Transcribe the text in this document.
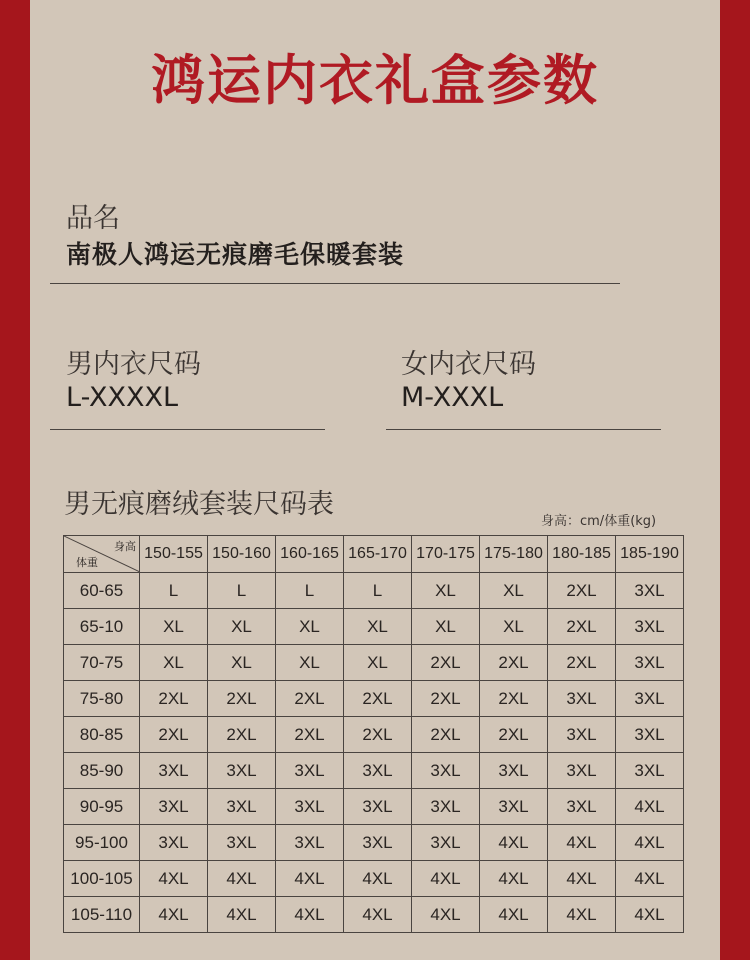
鸿运内衣礼盒参数
品名
南极人鸿运无痕磨毛保暖套装
男内衣尺码
L-XXXXL
女内衣尺码
M-XXXL
男无痕磨绒套装尺码表
身高：cm/体重(kg)
身高
体重	150-155	150-160	160-165	165-170	170-175	175-180	180-185	185-190
60-65	L	L	L	L	XL	XL	2XL	3XL
65-10	XL	XL	XL	XL	XL	XL	2XL	3XL
70-75	XL	XL	XL	XL	2XL	2XL	2XL	3XL
75-80	2XL	2XL	2XL	2XL	2XL	2XL	3XL	3XL
80-85	2XL	2XL	2XL	2XL	2XL	2XL	3XL	3XL
85-90	3XL	3XL	3XL	3XL	3XL	3XL	3XL	3XL
90-95	3XL	3XL	3XL	3XL	3XL	3XL	3XL	4XL
95-100	3XL	3XL	3XL	3XL	3XL	4XL	4XL	4XL
100-105	4XL	4XL	4XL	4XL	4XL	4XL	4XL	4XL
105-110	4XL	4XL	4XL	4XL	4XL	4XL	4XL	4XL
